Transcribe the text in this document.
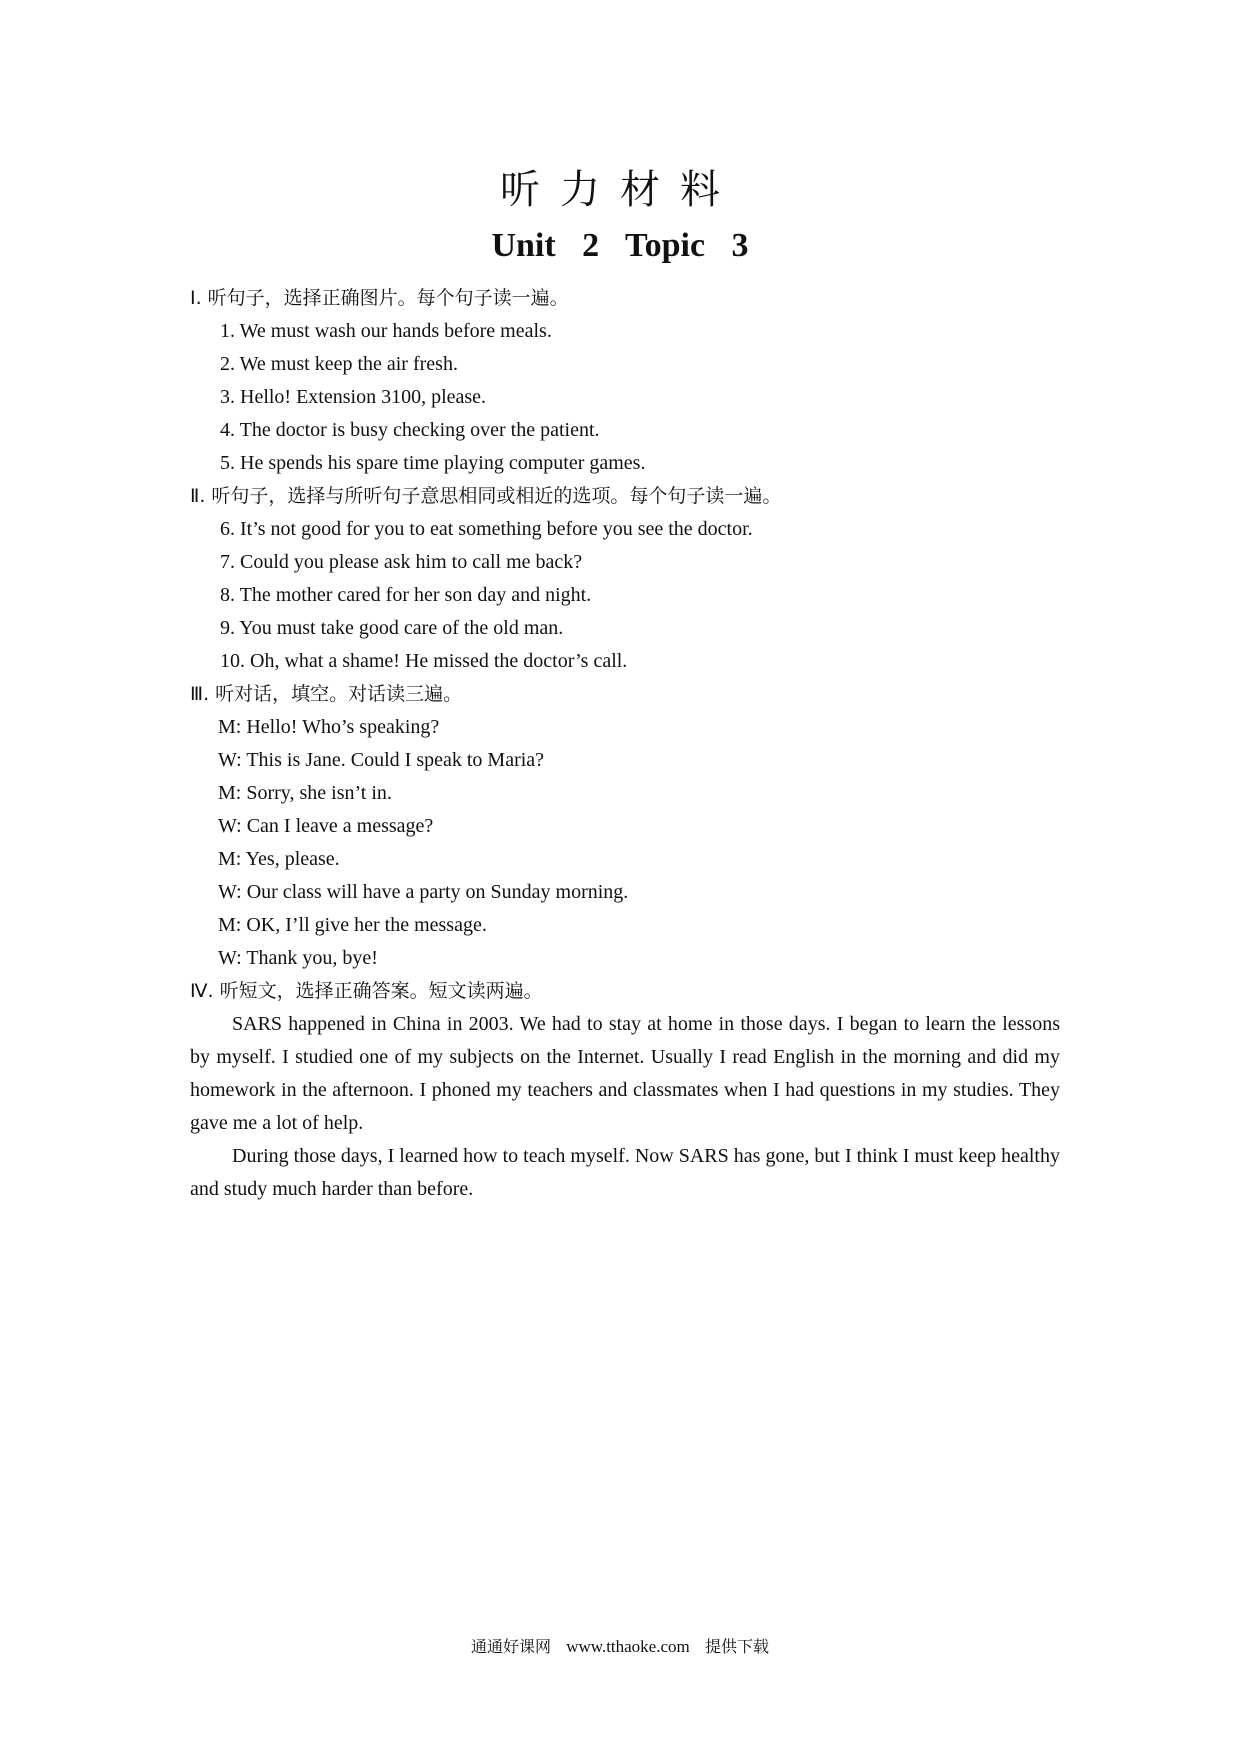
听力材料
Unit 2 Topic 3
Ⅰ. 听句子，选择正确图片。每个句子读一遍。
1. We must wash our hands before meals.
2. We must keep the air fresh.
3. Hello! Extension 3100, please.
4. The doctor is busy checking over the patient.
5. He spends his spare time playing computer games.
Ⅱ. 听句子，选择与所听句子意思相同或相近的选项。每个句子读一遍。
6. It’s not good for you to eat something before you see the doctor.
7. Could you please ask him to call me back?
8. The mother cared for her son day and night.
9. You must take good care of the old man.
10. Oh, what a shame! He missed the doctor’s call.
Ⅲ. 听对话，填空。对话读三遍。
M: Hello! Who’s speaking?
W: This is Jane. Could I speak to Maria?
M: Sorry, she isn’t in.
W: Can I leave a message?
M: Yes, please.
W: Our class will have a party on Sunday morning.
M: OK, I’ll give her the message.
W: Thank you, bye!
Ⅳ. 听短文，选择正确答案。短文读两遍。

SARS happened in China in 2003. We had to stay at home in those days. I began to learn the lessons by myself. I studied one of my subjects on the Internet. Usually I read English in the morning and did my homework in the afternoon. I phoned my teachers and classmates when I had questions in my studies. They gave me a lot of help.

During those days, I learned how to teach myself. Now SARS has gone, but I think I must keep healthy and study much harder than before.

通通好课网 www.tthaoke.com 提供下载
